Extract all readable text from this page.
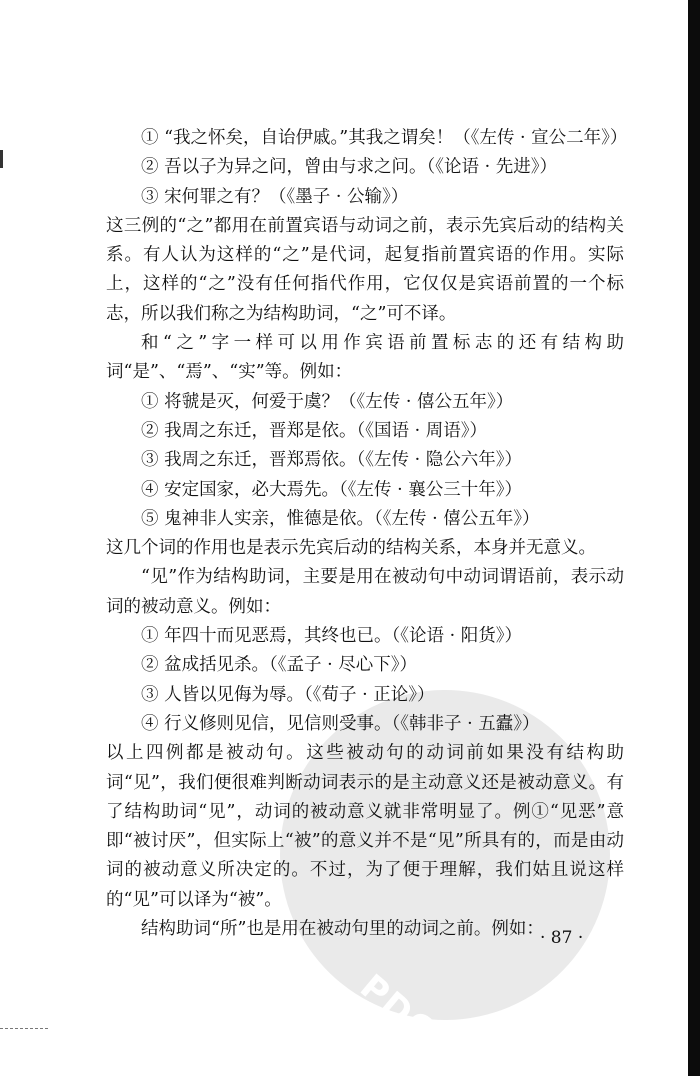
PDG

① “我之怀矣，自诒伊戚。”其我之谓矣！（《左传 · 宣公二年》）

② 吾以子为异之问，曾由与求之问。（《论语 · 先进》）

③ 宋何罪之有？（《墨子 · 公输》）

这三例的“之”都用在前置宾语与动词之前，表示先宾后动的结构关系。有人认为这样的“之”是代词，起复指前置宾语的作用。实际上，这样的“之”没有任何指代作用，它仅仅是宾语前置的一个标志，所以我们称之为结构助词，“之”可不译。

和“之”字一样可以用作宾语前置标志的还有结构助词“是”、“焉”、“实”等。例如：

① 将虢是灭，何爱于虞？（《左传 · 僖公五年》）

② 我周之东迁，晋郑是依。（《国语 · 周语》）

③ 我周之东迁，晋郑焉依。（《左传 · 隐公六年》）

④ 安定国家，必大焉先。（《左传 · 襄公三十年》）

⑤ 鬼神非人实亲，惟德是依。（《左传 · 僖公五年》）

这几个词的作用也是表示先宾后动的结构关系，本身并无意义。

“见”作为结构助词，主要是用在被动句中动词谓语前，表示动词的被动意义。例如：

① 年四十而见恶焉，其终也已。（《论语 · 阳货》）

② 盆成括见杀。（《孟子 · 尽心下》）

③ 人皆以见侮为辱。（《荀子 · 正论》）

④ 行义修则见信，见信则受事。（《韩非子 · 五蠹》）

以上四例都是被动句。这些被动句的动词前如果没有结构助词“见”，我们便很难判断动词表示的是主动意义还是被动意义。有了结构助词“见”，动词的被动意义就非常明显了。例①“见恶”意即“被讨厌”，但实际上“被”的意义并不是“见”所具有的，而是由动词的被动意义所决定的。不过，为了便于理解，我们姑且说这样的“见”可以译为“被”。

结构助词“所”也是用在被动句里的动词之前。例如：

· 87 ·
